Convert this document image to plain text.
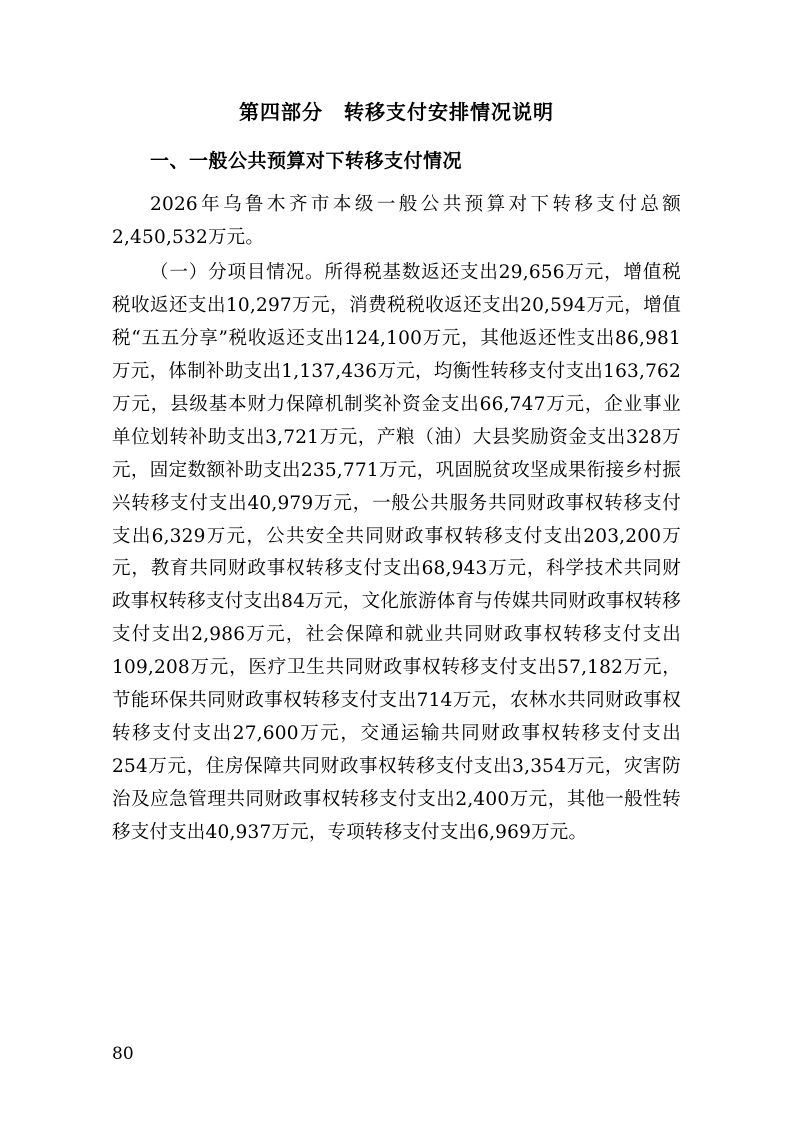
第四部分　转移支付安排情况说明
一、一般公共预算对下转移支付情况

2026年乌鲁木齐市本级一般公共预算对下转移支付总额2,450,532万元。

（一）分项目情况。所得税基数返还支出29,656万元，增值税税收返还支出10,297万元，消费税税收返还支出20,594万元，增值税“五五分享”税收返还支出124,100万元，其他返还性支出86,981万元，体制补助支出1,137,436万元，均衡性转移支付支出163,762万元，县级基本财力保障机制奖补资金支出66,747万元，企业事业单位划转补助支出3,721万元，产粮（油）大县奖励资金支出328万元，固定数额补助支出235,771万元，巩固脱贫攻坚成果衔接乡村振兴转移支付支出40,979万元，一般公共服务共同财政事权转移支付支出6,329万元，公共安全共同财政事权转移支付支出203,200万元，教育共同财政事权转移支付支出68,943万元，科学技术共同财政事权转移支付支出84万元，文化旅游体育与传媒共同财政事权转移支付支出2,986万元，社会保障和就业共同财政事权转移支付支出109,208万元，医疗卫生共同财政事权转移支付支出57,182万元，节能环保共同财政事权转移支付支出714万元，农林水共同财政事权转移支付支出27,600万元，交通运输共同财政事权转移支付支出254万元，住房保障共同财政事权转移支付支出3,354万元，灾害防治及应急管理共同财政事权转移支付支出2,400万元，其他一般性转移支付支出40,937万元，专项转移支付支出6,969万元。

80
